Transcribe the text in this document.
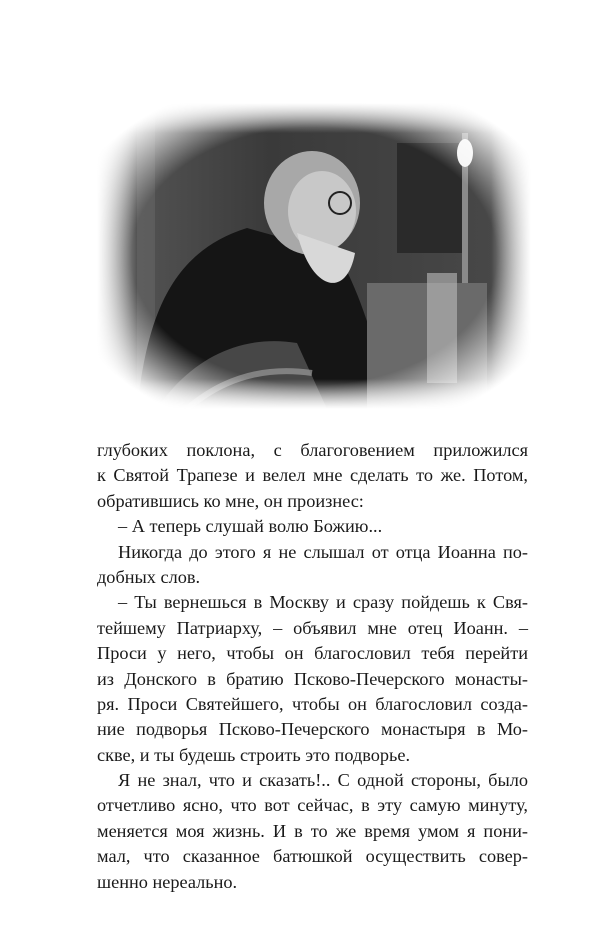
глубоких поклона, с благоговением приложился
к Святой Трапезе и велел мне сделать то же. Потом,
обратившись ко мне, он произнес:
– А теперь слушай волю Божию...
Никогда до этого я не слышал от отца Иоанна по-
добных слов.
– Ты вернешься в Москву и сразу пойдешь к Свя-
тейшему Патриарху, – объявил мне отец Иоанн. –
Проси у него, чтобы он благословил тебя перейти
из Донского в братию Псково-Печерского монасты-
ря. Проси Святейшего, чтобы он благословил созда-
ние подворья Псково-Печерского монастыря в Мо-
скве, и ты будешь строить это подворье.
Я не знал, что и сказать!.. С одной стороны, было
отчетливо ясно, что вот сейчас, в эту самую минуту,
меняется моя жизнь. И в то же время умом я пони-
мал, что сказанное батюшкой осуществить совер-
шенно нереально.
